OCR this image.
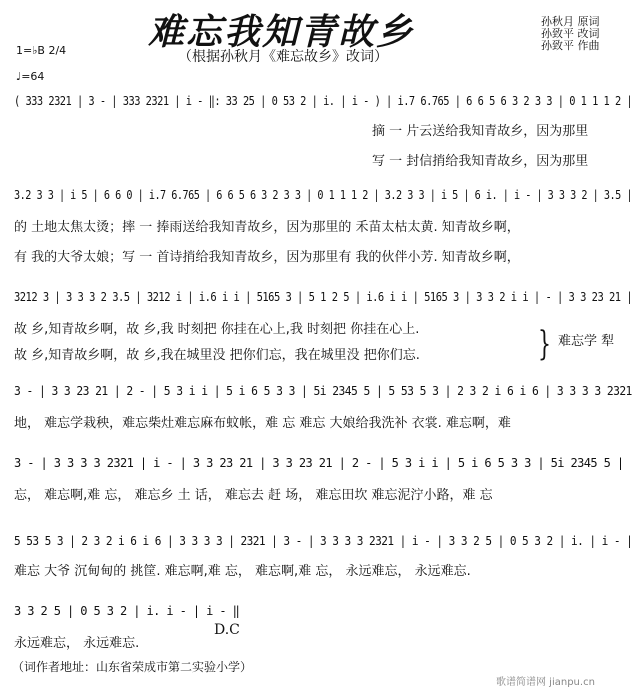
难忘我知青故乡
（根据孙秋月《难忘故乡》改词）
孙秋月 原词
孙致平 改词
孙致平 作曲
1=♭B 2/4
♩=64
( 333 2321 | 3 - | 333 2321 | i - ‖: 33 25 | 0 53 2 | i. | i - ) | i.7 6.765 | 6 6 5 6 3 2 3 3 | 0 1 1 1 2 |
摘 一 片云送给我知青故乡，因为那里
写 一 封信捎给我知青故乡，因为那里
3.2 3 3 | i 5 | 6 6 0 | i.7 6.765 | 6 6 5 6 3 2 3 3 | 0 1 1 1 2 | 3.2 3 3 | i 5 | 6 i. | i - | 3 3 3 2 | 3.5 |
的 土地太焦太烫；摔 一 捧雨送给我知青故乡，因为那里的 禾苗太枯太黄. 知青故乡啊，
有 我的大爷太娘；写 一 首诗捎给我知青故乡，因为那里有 我的伙伴小芳. 知青故乡啊，
3212 3 | 3 3 3 2 3.5 | 3212 i | i.6 i i | 5165 3 | 5 1 2 5 | i.6 i i | 5165 3 | 3 3 2 i i | - | 3 3 23 21 |
故 乡,知青故乡啊，故 乡,我 时刻把 你挂在心上,我 时刻把 你挂在心上.
故 乡,知青故乡啊，故 乡,我在城里没 把你们忘，我在城里没 把你们忘.	} 难忘学 犁
3 - | 3 3 23 21 | 2 - | 5 3 i i | 5 i 6 5 3 3 | 5i 2345 5 | 5 53 5 3 | 2 3 2 i 6 i 6 | 3 3 3 3 2321
地， 难忘学栽秧，难忘柴灶难忘麻布蚊帐，难 忘 难忘 大娘给我洗补 衣裳. 难忘啊，难
3 - | 3 3 3 3 2321 | i - | 3 3 23 21 | 3 3 23 21 | 2 - | 5 3 i i | 5 i 6 5 3 3 | 5i 2345 5 |
忘， 难忘啊,难 忘， 难忘乡 土 话， 难忘去 赶 场， 难忘田坎 难忘泥泞小路，难 忘
5 53 5 3 | 2 3 2 i 6 i 6 | 3 3 3 3 | 2321 | 3 - | 3 3 3 3 2321 | i - | 3 3 2 5 | 0 5 3 2 | i. | i - |
难忘 大爷 沉甸甸的 挑筐. 难忘啊,难 忘， 难忘啊,难 忘， 永远难忘， 永远难忘.
3 3 2 5 | 0 5 3 2 | i. i - | i - ‖
永远难忘， 永远难忘.
D.C
（词作者地址：山东省荣成市第二实验小学）
歌谱简谱网 jianpu.cn
